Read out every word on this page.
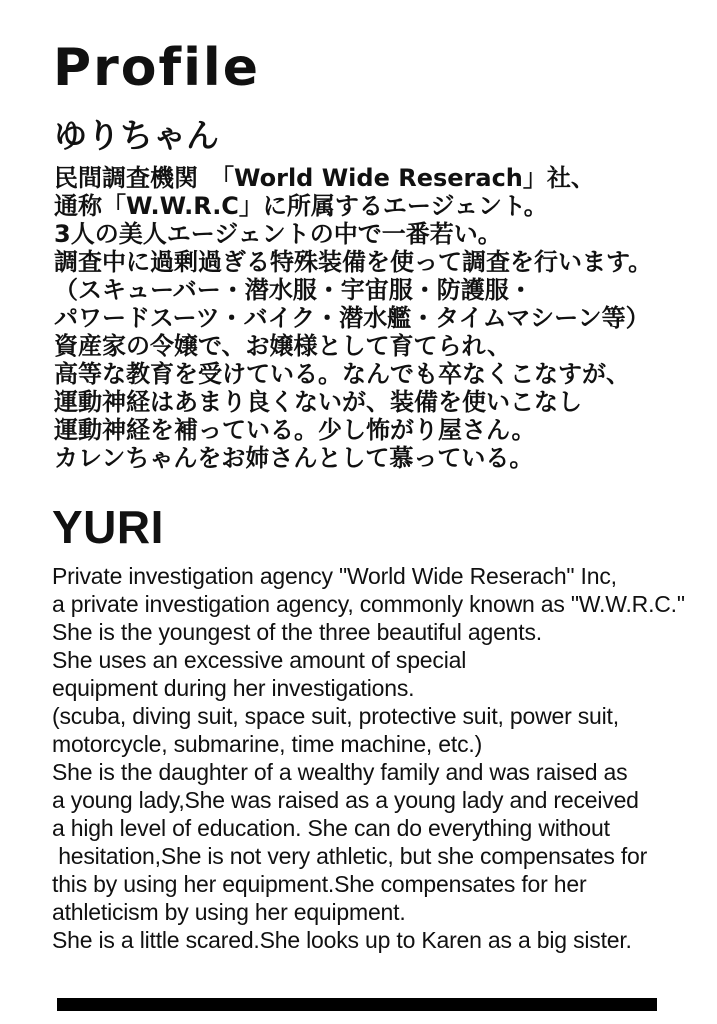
Profile
ゆりちゃん
民間調査機関　「World Wide Reserach」社、
通称「W.W.R.C」に所属するエージェント。
3人の美人エージェントの中で一番若い。
調査中に過剰過ぎる特殊装備を使って調査を行います。
（スキューバー・潜水服・宇宙服・防護服・
パワードスーツ・バイク・潜水艦・タイムマシーン等）
資産家の令嬢で、お嬢様として育てられ、
高等な教育を受けている。なんでも卒なくこなすが、
運動神経はあまり良くないが、装備を使いこなし
運動神経を補っている。少し怖がり屋さん。
カレンちゃんをお姉さんとして慕っている。
YURI
Private investigation agency "World Wide Reserach" Inc,
a private investigation agency, commonly known as "W.W.R.C."
She is the youngest of the three beautiful agents.
She uses an excessive amount of special
equipment during her investigations.
(scuba, diving suit, space suit, protective suit, power suit,
motorcycle, submarine, time machine, etc.)
She is the daughter of a wealthy family and was raised as
a young lady,She was raised as a young lady and received
a high level of education. She can do everything without
hesitation,She is not very athletic, but she compensates for
this by using her equipment.She compensates for her
athleticism by using her equipment.
She is a little scared.She looks up to Karen as a big sister.
